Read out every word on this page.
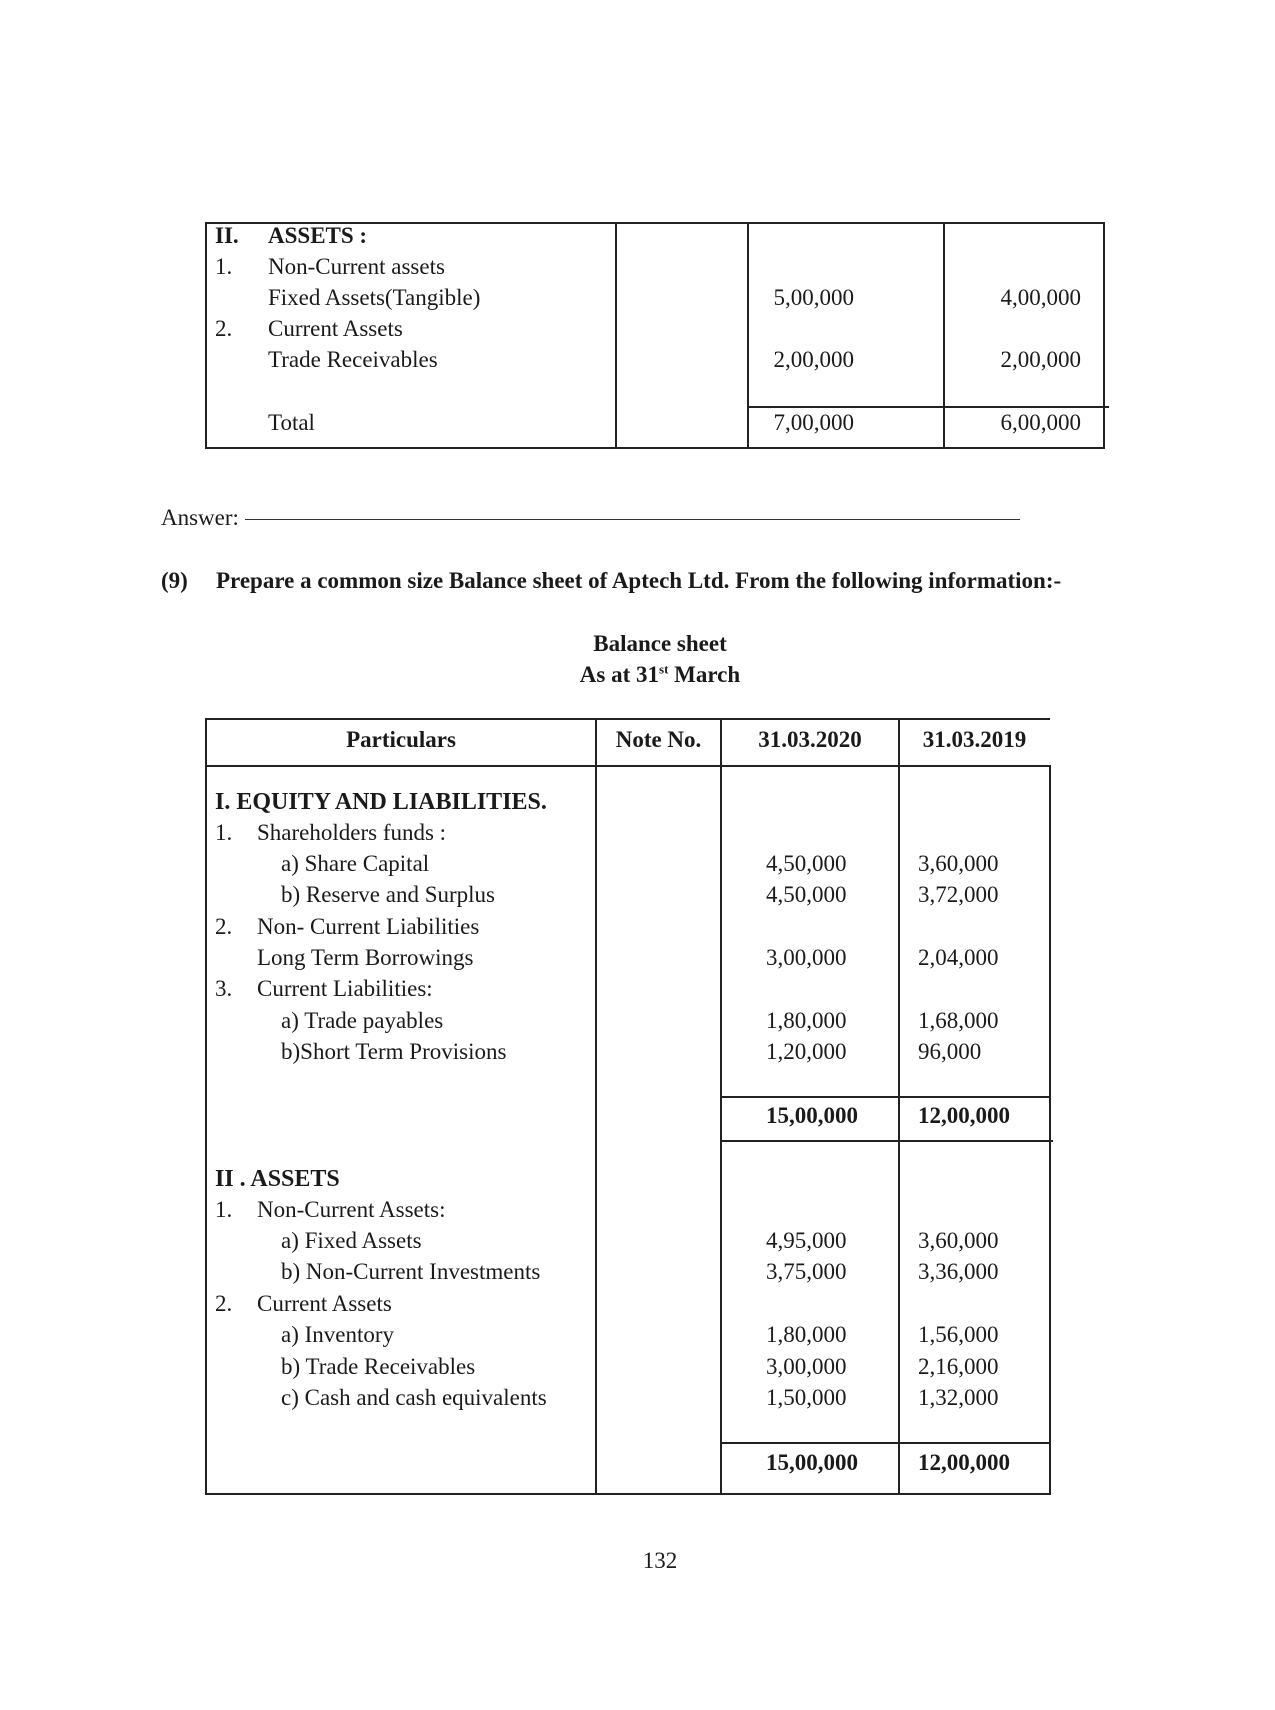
II. ASSETS :
1. Non-Current assets
Fixed Assets(Tangible)	5,00,000	4,00,000
2. Current Assets
Trade Receivables	2,00,000	2,00,000
Total	7,00,000	6,00,000
Answer:
(9) Prepare a common size Balance sheet of Aptech Ltd. From the following information:-
Balance sheet
As at 31st March
Particulars	Note No.	31.03.2020	31.03.2019
I. EQUITY AND LIABILITIES.
1. Shareholders funds :
a) Share Capital	4,50,000	3,60,000
b) Reserve and Surplus	4,50,000	3,72,000
2. Non- Current Liabilities
Long Term Borrowings	3,00,000	2,04,000
3. Current Liabilities:
a) Trade payables	1,80,000	1,68,000
b)Short Term Provisions	1,20,000	96,000
15,00,000	12,00,000
II . ASSETS
1. Non-Current Assets:
a) Fixed Assets	4,95,000	3,60,000
b) Non-Current Investments	3,75,000	3,36,000
2. Current Assets
a) Inventory	1,80,000	1,56,000
b) Trade Receivables	3,00,000	2,16,000
c) Cash and cash equivalents	1,50,000	1,32,000
15,00,000	12,00,000
132
